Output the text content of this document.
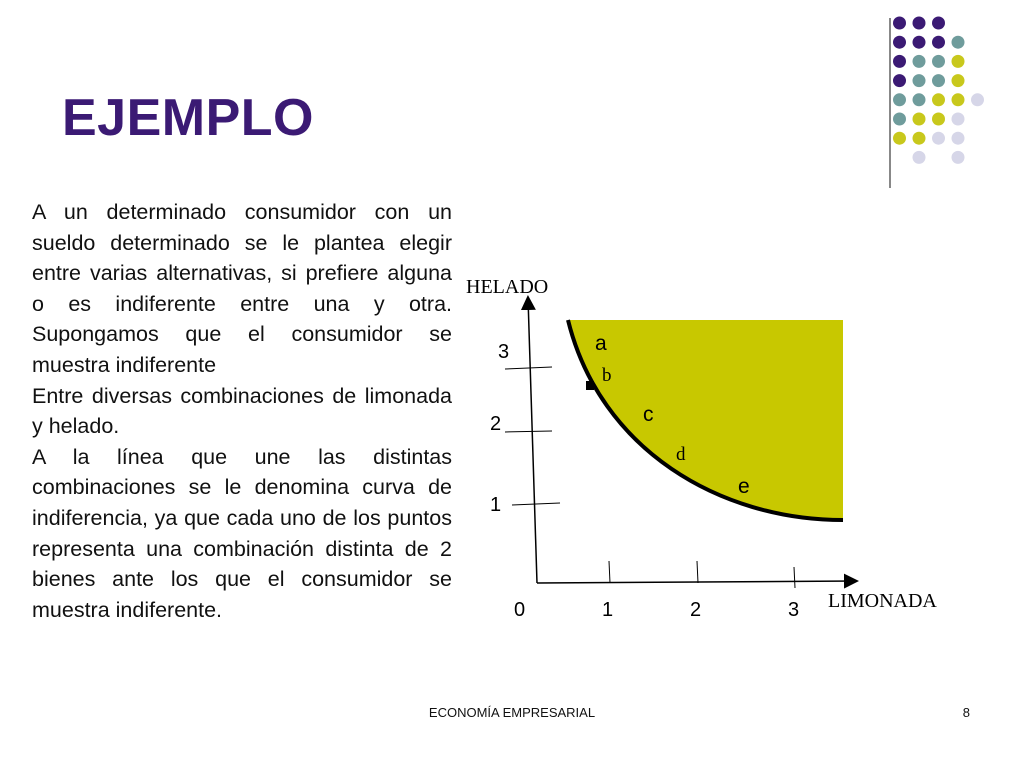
EJEMPLO

A un determinado consumidor con un sueldo determinado se le plantea elegir entre varias alternativas, si prefiere alguna o es indiferente entre una y otra. Supongamos que el consumidor se muestra indiferente

Entre diversas combinaciones de limonada y helado.

A la línea que une las distintas combinaciones se le denomina curva de indiferencia, ya que cada uno de los puntos representa una combinación distinta de 2 bienes ante los que el consumidor se muestra indiferente.

HELADO
LIMONADA
0
3
2
1
1	2	3
a
b
c
d
e
ECONOMÍA EMPRESARIAL	8
